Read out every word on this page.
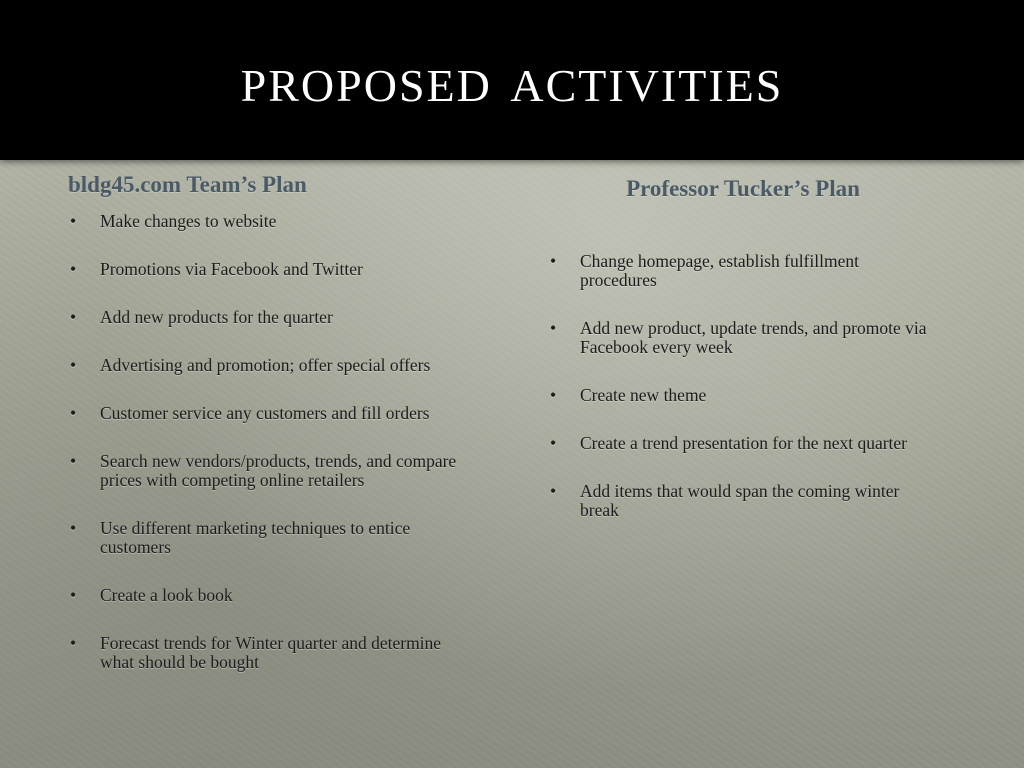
proposed activities
bldg45.com Team’s Plan
•	Make changes to website
•	Promotions via Facebook and Twitter
•	Add new products for the quarter
•	Advertising and promotion; offer special offers
•	Customer service any customers and fill orders
•	Search new vendors/products, trends, and compare prices with competing online retailers
•	Use different marketing techniques to entice customers
•	Create a look book
•	Forecast trends for Winter quarter and determine what should be bought
Professor Tucker’s Plan
•	Change homepage, establish fulfillment procedures
•	Add new product, update trends, and promote via Facebook every week
•	Create new theme
•	Create a trend presentation for the next quarter
•	Add items that would span the coming winter break
